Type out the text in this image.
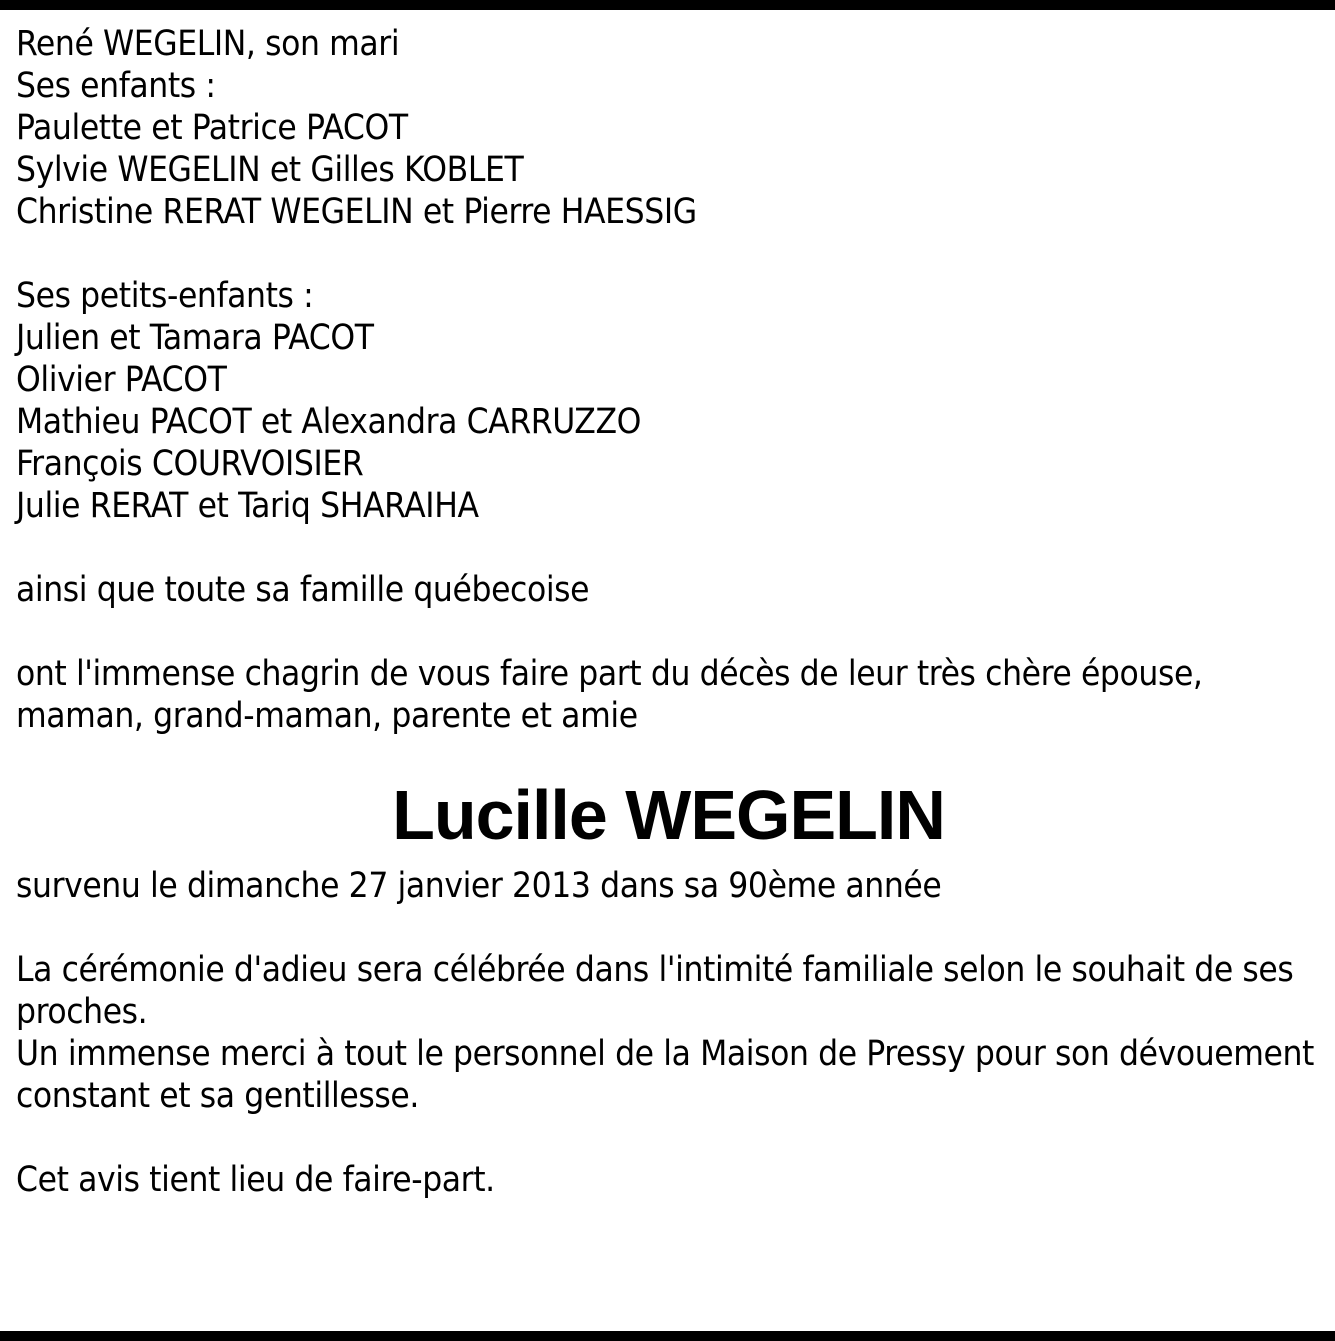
René WEGELIN, son mari
Ses enfants :
Paulette et Patrice PACOT
Sylvie WEGELIN et Gilles KOBLET
Christine RERAT WEGELIN et Pierre HAESSIG
Ses petits-enfants :
Julien et Tamara PACOT
Olivier PACOT
Mathieu PACOT et Alexandra CARRUZZO
François COURVOISIER
Julie RERAT et Tariq SHARAIHA
ainsi que toute sa famille québecoise
ont l'immense chagrin de vous faire part du décès de leur très chère épouse,
maman, grand-maman, parente et amie
Lucille WEGELIN
survenu le dimanche 27 janvier 2013 dans sa 90ème année
La cérémonie d'adieu sera célébrée dans l'intimité familiale selon le souhait de ses
proches.
Un immense merci à tout le personnel de la Maison de Pressy pour son dévouement
constant et sa gentillesse.
Cet avis tient lieu de faire-part.
